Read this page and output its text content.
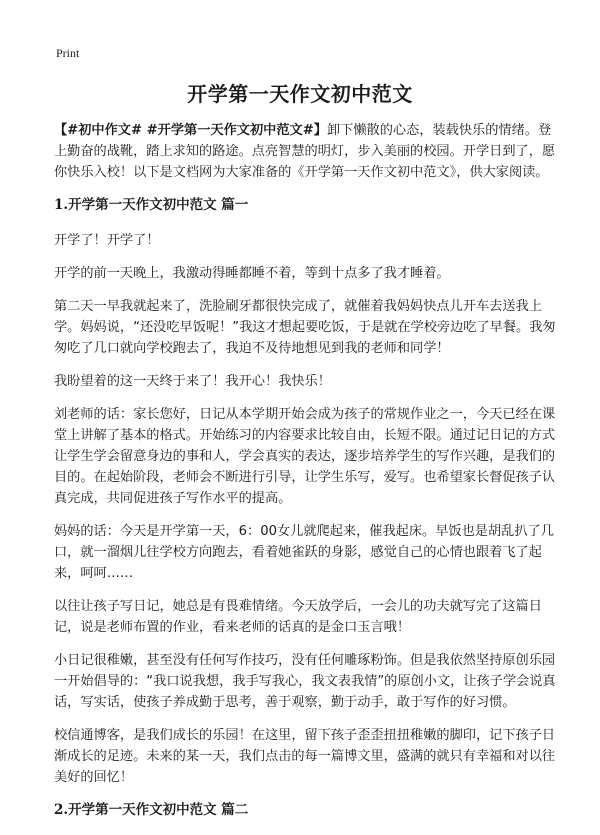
Print
开学第一天作文初中范文

【#初中作文# #开学第一天作文初中范文#】卸下懒散的心态，装载快乐的情绪。登上勤奋的战靴，踏上求知的路途。点亮智慧的明灯，步入美丽的校园。开学日到了，愿你快乐入校！以下是文档网为大家准备的《开学第一天作文初中范文》，供大家阅读。

1.开学第一天作文初中范文 篇一

开学了！开学了！

开学的前一天晚上，我激动得睡都睡不着，等到十点多了我才睡着。

第二天一早我就起来了，洗脸刷牙都很快完成了，就催着我妈妈快点儿开车去送我上学。妈妈说，“还没吃早饭呢！”我这才想起要吃饭，于是就在学校旁边吃了早餐。我匆匆吃了几口就向学校跑去了，我迫不及待地想见到我的老师和同学！

我盼望着的这一天终于来了！我开心！我快乐！

刘老师的话：家长您好，日记从本学期开始会成为孩子的常规作业之一，今天已经在课堂上讲解了基本的格式。开始练习的内容要求比较自由，长短不限。通过记日记的方式让学生学会留意身边的事和人，学会真实的表达，逐步培养学生的写作兴趣，是我们的目的。在起始阶段，老师会不断进行引导，让学生乐写，爱写。也希望家长督促孩子认真完成，共同促进孩子写作水平的提高。

妈妈的话：今天是开学第一天，6：00女儿就爬起来，催我起床。早饭也是胡乱扒了几口，就一溜烟儿往学校方向跑去，看着她雀跃的身影，感觉自己的心情也跟着飞了起来，呵呵……

以往让孩子写日记，她总是有畏难情绪。今天放学后，一会儿的功夫就写完了这篇日记，说是老师布置的作业，看来老师的话真的是金口玉言哦！

小日记很稚嫩，甚至没有任何写作技巧，没有任何雕琢粉饰。但是我依然坚持原创乐园一开始倡导的：“我口说我想，我手写我心，我文表我情”的原创小文，让孩子学会说真话，写实话，使孩子养成勤于思考，善于观察，勤于动手，敢于写作的好习惯。

校信通博客，是我们成长的乐园！在这里，留下孩子歪歪扭扭稚嫩的脚印，记下孩子日渐成长的足迹。未来的某一天，我们点击的每一篇博文里，盛满的就只有幸福和对以往美好的回忆！

2.开学第一天作文初中范文 篇二
